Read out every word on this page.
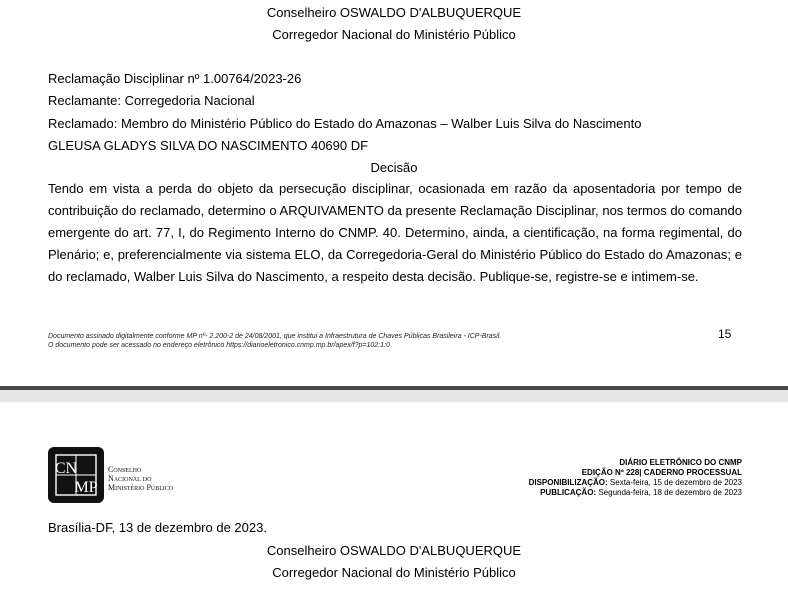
Conselheiro OSWALDO D'ALBUQUERQUE
Corregedor Nacional do Ministério Público
Reclamação Disciplinar nº 1.00764/2023-26
Reclamante: Corregedoria Nacional
Reclamado: Membro do Ministério Público do Estado do Amazonas – Walber Luis Silva do Nascimento
GLEUSA GLADYS SILVA DO NASCIMENTO 40690 DF
Decisão
Tendo em vista a perda do objeto da persecução disciplinar, ocasionada em razão da aposentadoria por tempo de contribuição do reclamado, determino o ARQUIVAMENTO da presente Reclamação Disciplinar, nos termos do comando emergente do art. 77, I, do Regimento Interno do CNMP. 40. Determino, ainda, a cientificação, na forma regimental, do Plenário; e, preferencialmente via sistema ELO, da Corregedoria-Geral do Ministério Público do Estado do Amazonas; e do reclamado, Walber Luis Silva do Nascimento, a respeito desta decisão. Publique-se, registre-se e intimem-se.
Documento assinado digitalmente conforme MP nº- 2.200-2 de 24/08/2001, que institui a Infraestrutura de Chaves Públicas Brasileira - ICP-Brasil.
O documento pode ser acessado no endereço eletrônico https://diarioeletronico.cnmp.mp.br/apex/f?p=102:1:0
15
CN
MP
Conselho
Nacional do
Ministério Público
DIÁRIO ELETRÔNICO DO CNMP
EDIÇÃO Nº 228| CADERNO PROCESSUAL
DISPONIBILIZAÇÃO: Sexta-feira, 15 de dezembro de 2023
PUBLICAÇÃO: Segunda-feira, 18 de dezembro de 2023
Brasília-DF, 13 de dezembro de 2023.
Conselheiro OSWALDO D'ALBUQUERQUE
Corregedor Nacional do Ministério Público
